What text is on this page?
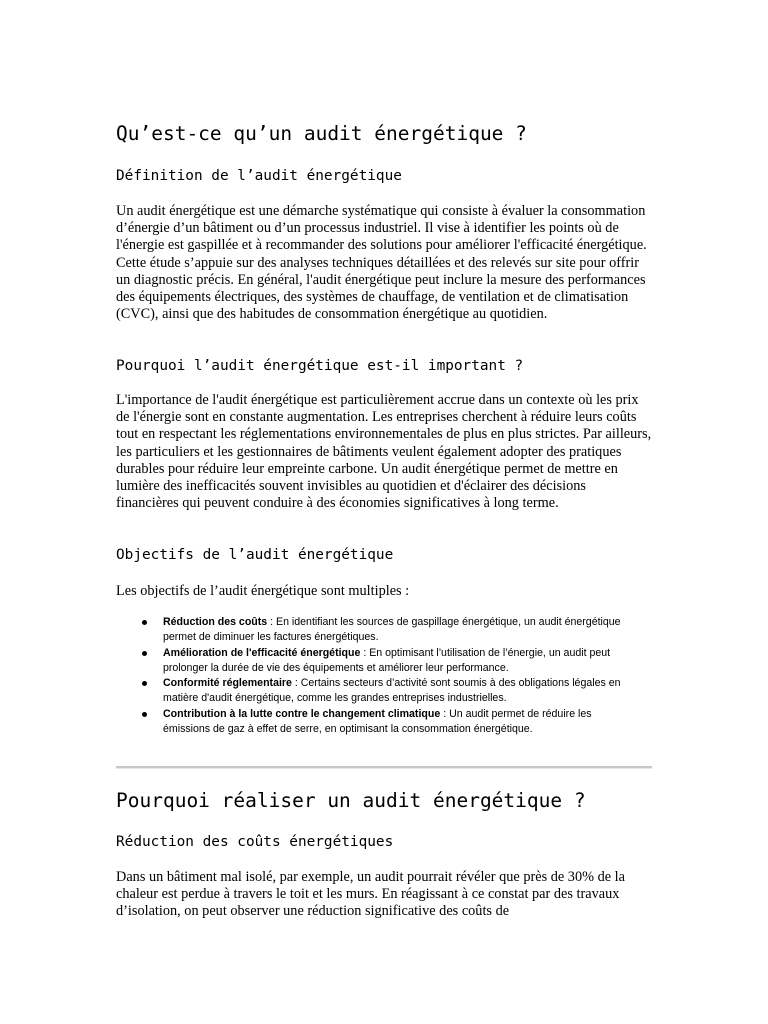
Qu’est-ce qu’un audit énergétique ?
Définition de l’audit énergétique

Un audit énergétique est une démarche systématique qui consiste à évaluer la consommation d’énergie d’un bâtiment ou d’un processus industriel. Il vise à identifier les points où de l'énergie est gaspillée et à recommander des solutions pour améliorer l'efficacité énergétique. Cette étude s’appuie sur des analyses techniques détaillées et des relevés sur site pour offrir un diagnostic précis. En général, l'audit énergétique peut inclure la mesure des performances des équipements électriques, des systèmes de chauffage, de ventilation et de climatisation (CVC), ainsi que des habitudes de consommation énergétique au quotidien.

Pourquoi l’audit énergétique est-il important ?

L'importance de l'audit énergétique est particulièrement accrue dans un contexte où les prix de l'énergie sont en constante augmentation. Les entreprises cherchent à réduire leurs coûts tout en respectant les réglementations environnementales de plus en plus strictes. Par ailleurs, les particuliers et les gestionnaires de bâtiments veulent également adopter des pratiques durables pour réduire leur empreinte carbone. Un audit énergétique permet de mettre en lumière des inefficacités souvent invisibles au quotidien et d'éclairer des décisions financières qui peuvent conduire à des économies significatives à long terme.

Objectifs de l’audit énergétique

Les objectifs de l’audit énergétique sont multiples :

Réduction des coûts : En identifiant les sources de gaspillage énergétique, un audit énergétique permet de diminuer les factures énergétiques.
Amélioration de l'efficacité énergétique : En optimisant l’utilisation de l’énergie, un audit peut prolonger la durée de vie des équipements et améliorer leur performance.
Conformité réglementaire : Certains secteurs d’activité sont soumis à des obligations légales en matière d'audit énergétique, comme les grandes entreprises industrielles.
Contribution à la lutte contre le changement climatique : Un audit permet de réduire les émissions de gaz à effet de serre, en optimisant la consommation énergétique.
Pourquoi réaliser un audit énergétique ?
Réduction des coûts énergétiques

Dans un bâtiment mal isolé, par exemple, un audit pourrait révéler que près de 30% de la chaleur est perdue à travers le toit et les murs. En réagissant à ce constat par des travaux d’isolation, on peut observer une réduction significative des coûts de
